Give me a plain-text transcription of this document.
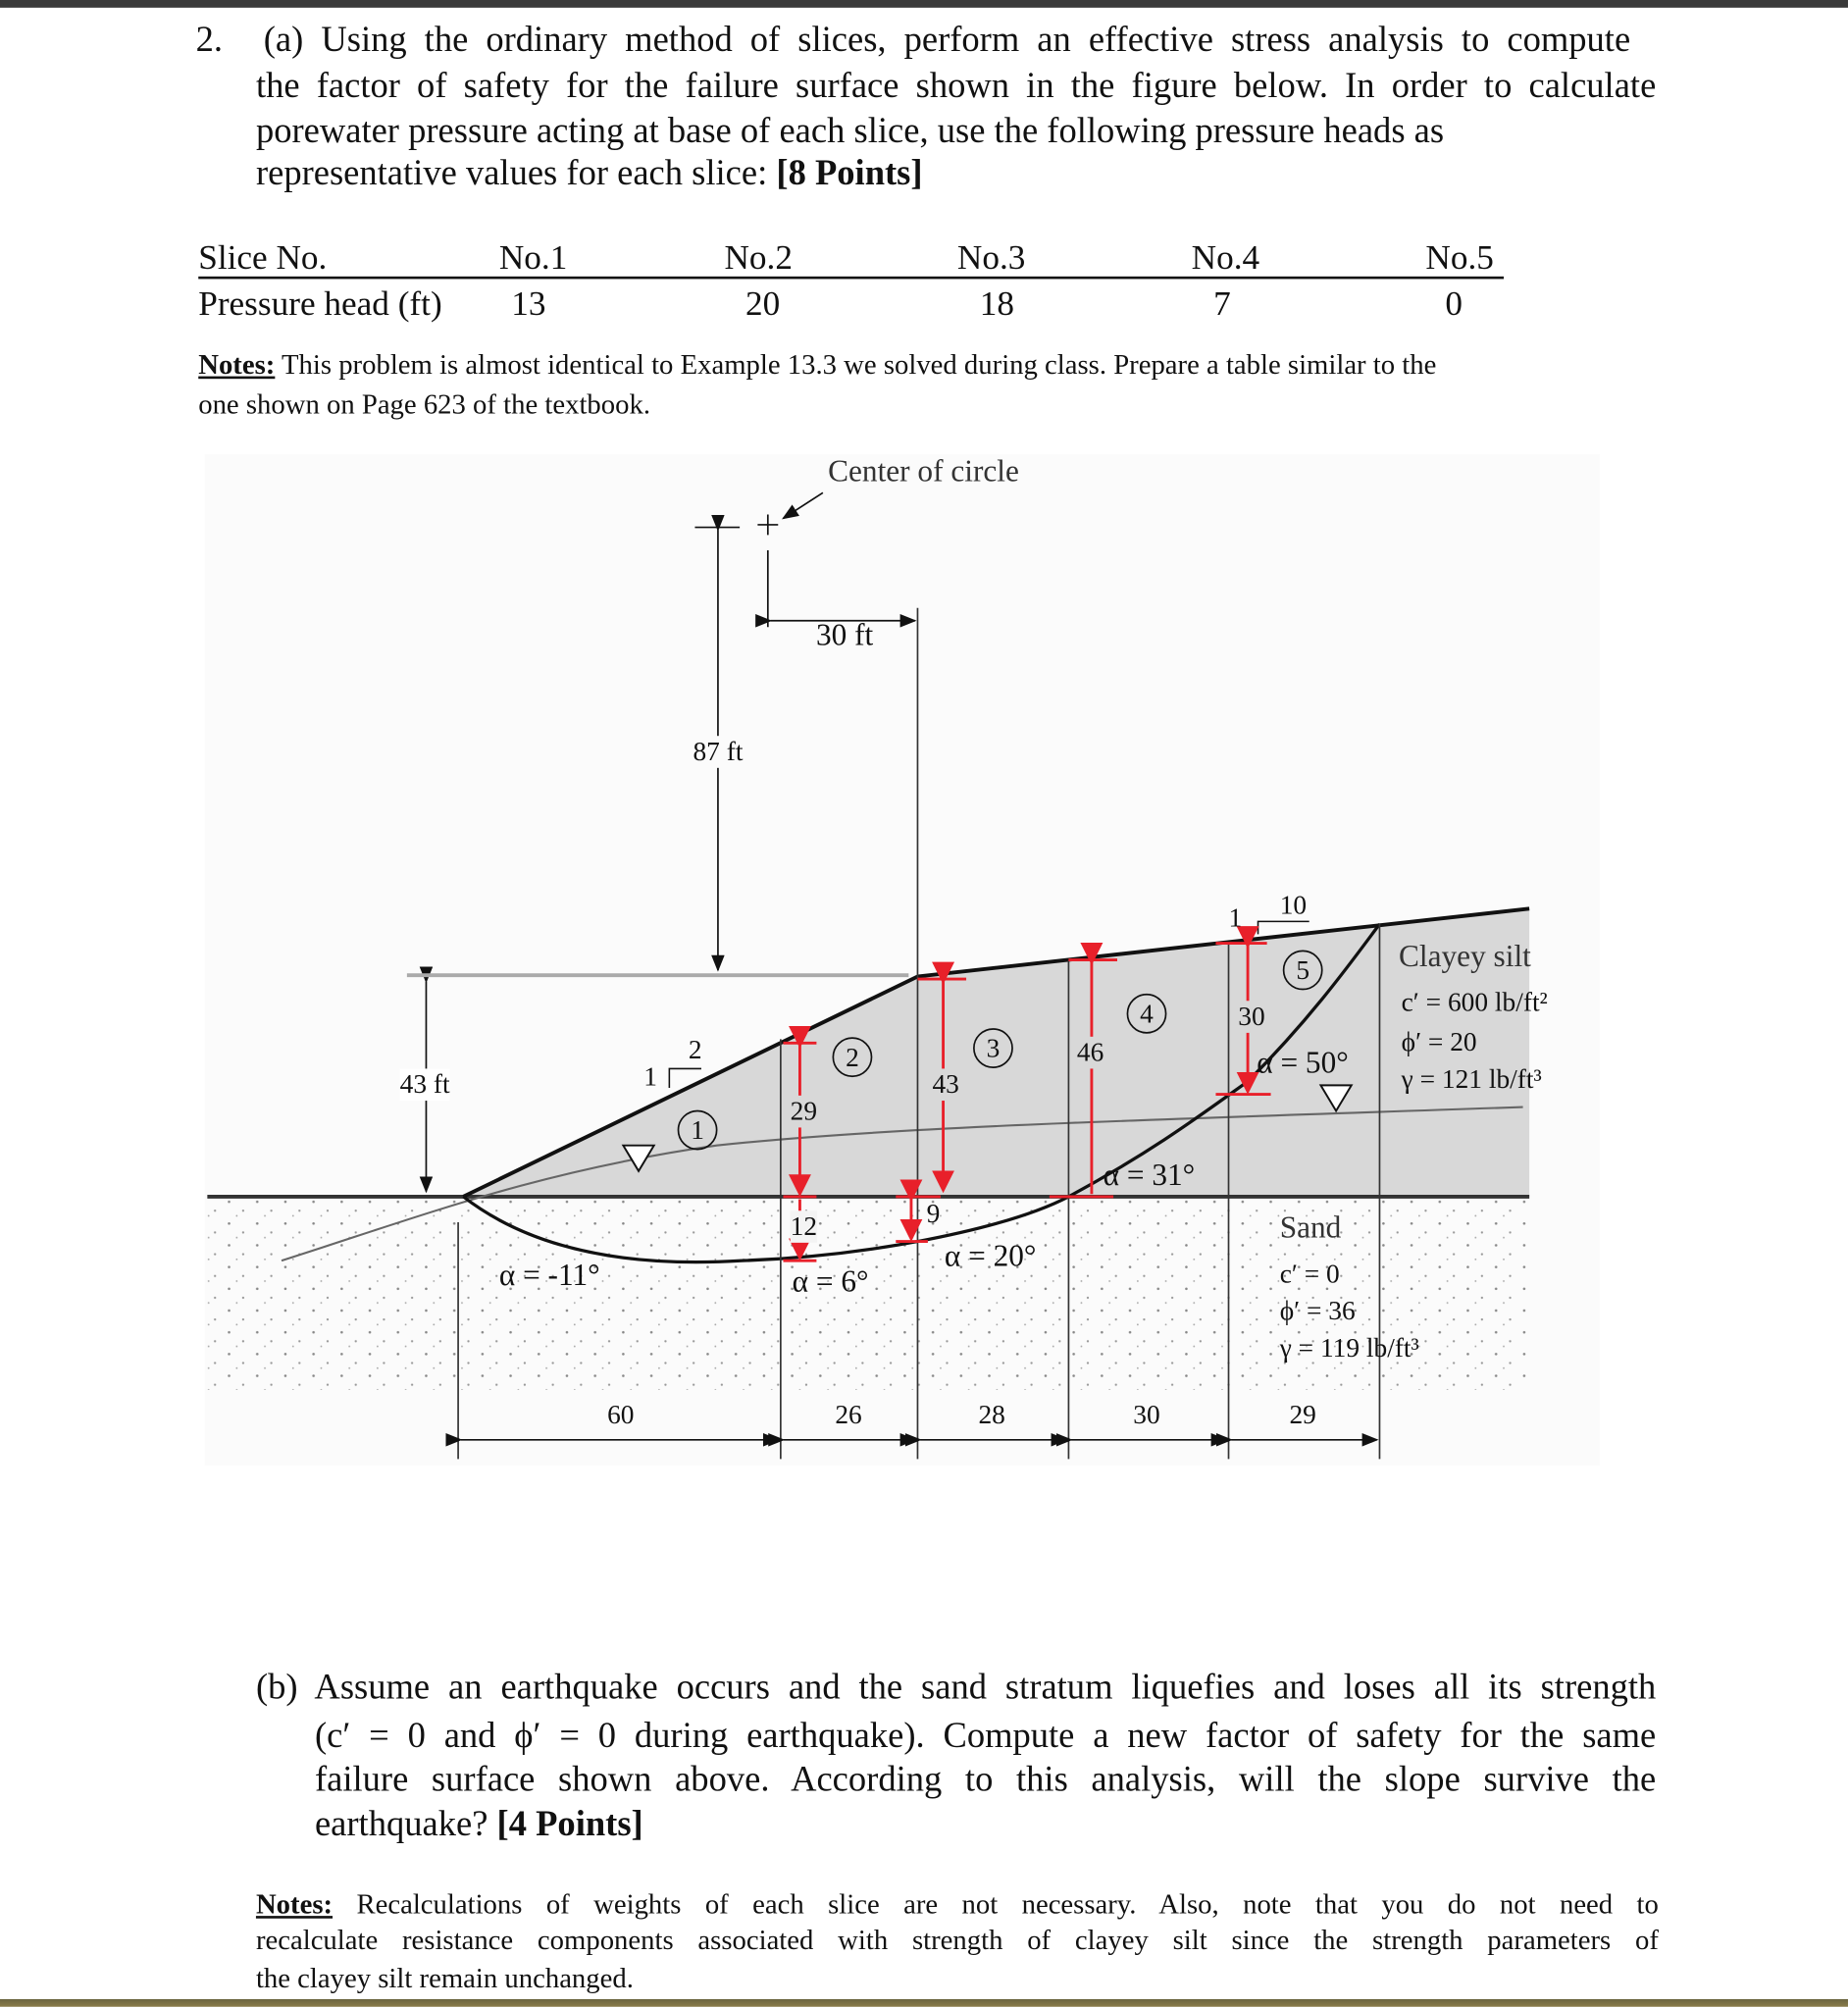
2. (a) Using the ordinary method of slices, perform an effective stress analysis to compute
the factor of safety for the failure surface shown in the figure below. In order to calculate
porewater pressure acting at base of each slice, use the following pressure heads as
representative values for each slice: [8 Points]
Slice No.	No.1	No.2	No.3	No.4	No.5
Pressure head (ft)	13	20	18	7	0
Notes: This problem is almost identical to Example 13.3 we solved during class. Prepare a table similar to the
one shown on Page 623 of the textbook.
Center of circle
30 ft
87 ft
43 ft	1
2
1 10
1
2	3
4
5
29
12
43
9
46
30
α = -11°	α = 6°
α = 20°
α = 31°
α = 50°
60	26	28	30	29
Clayey silt
c′ = 600 lb/ft²
ϕ′ = 20
γ = 121 lb/ft³
Sand
c′ = 0
ϕ′ = 36
γ = 119 lb/ft³
(b) Assume an earthquake occurs and the sand stratum liquefies and loses all its strength
(c′ = 0 and ϕ′ = 0 during earthquake). Compute a new factor of safety for the same
failure surface shown above. According to this analysis, will the slope survive the
earthquake? [4 Points]
Notes: Recalculations of weights of each slice are not necessary. Also, note that you do not need to
recalculate resistance components associated with strength of clayey silt since the strength parameters of
the clayey silt remain unchanged.
